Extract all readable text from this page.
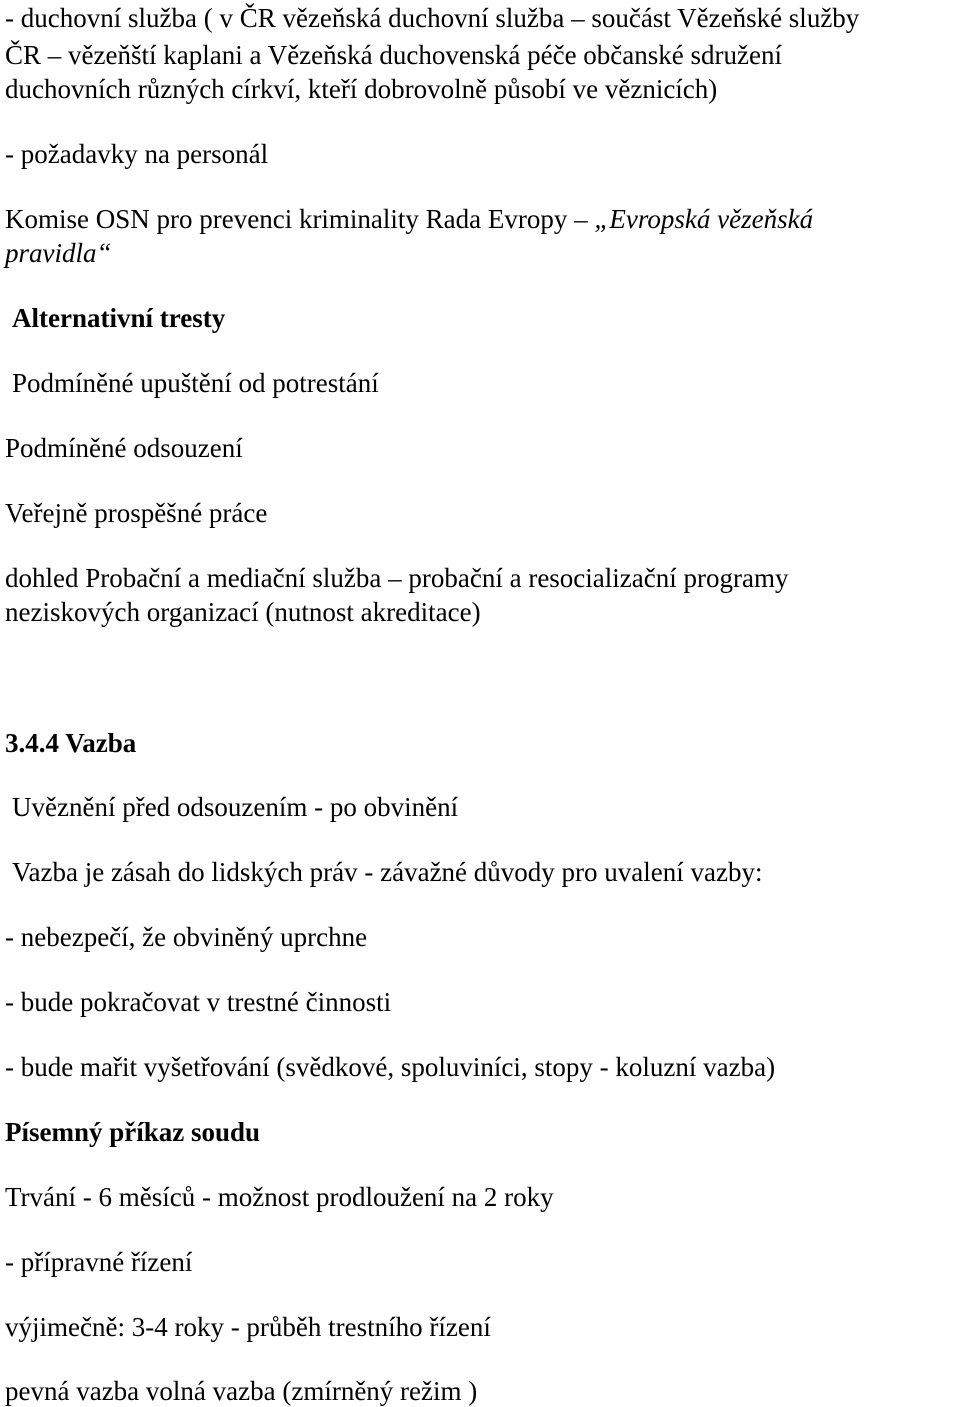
- duchovní služba ( v ČR vězeňská duchovní služba – součást Vězeňské služby

ČR – vězeňští kaplani a Vězeňská duchovenská péče občanské sdružení

duchovních různých církví, kteří dobrovolně působí ve věznicích)

- požadavky na personál

Komise OSN pro prevenci kriminality Rada Evropy – „Evropská vězeňská

pravidla“

Alternativní tresty

Podmíněné upuštění od potrestání

Podmíněné odsouzení

Veřejně prospěšné práce

dohled Probační a mediační služba – probační a resocializační programy

neziskových organizací (nutnost akreditace)

3.4.4 Vazba

Uvěznění před odsouzením - po obvinění

Vazba je zásah do lidských práv - závažné důvody pro uvalení vazby:

- nebezpečí, že obviněný uprchne

- bude pokračovat v trestné činnosti

- bude mařit vyšetřování (svědkové, spoluviníci, stopy - koluzní vazba)

Písemný příkaz soudu

Trvání - 6 měsíců - možnost prodloužení na 2 roky

- přípravné řízení

výjimečně: 3-4 roky - průběh trestního řízení

pevná vazba volná vazba (zmírněný režim )
